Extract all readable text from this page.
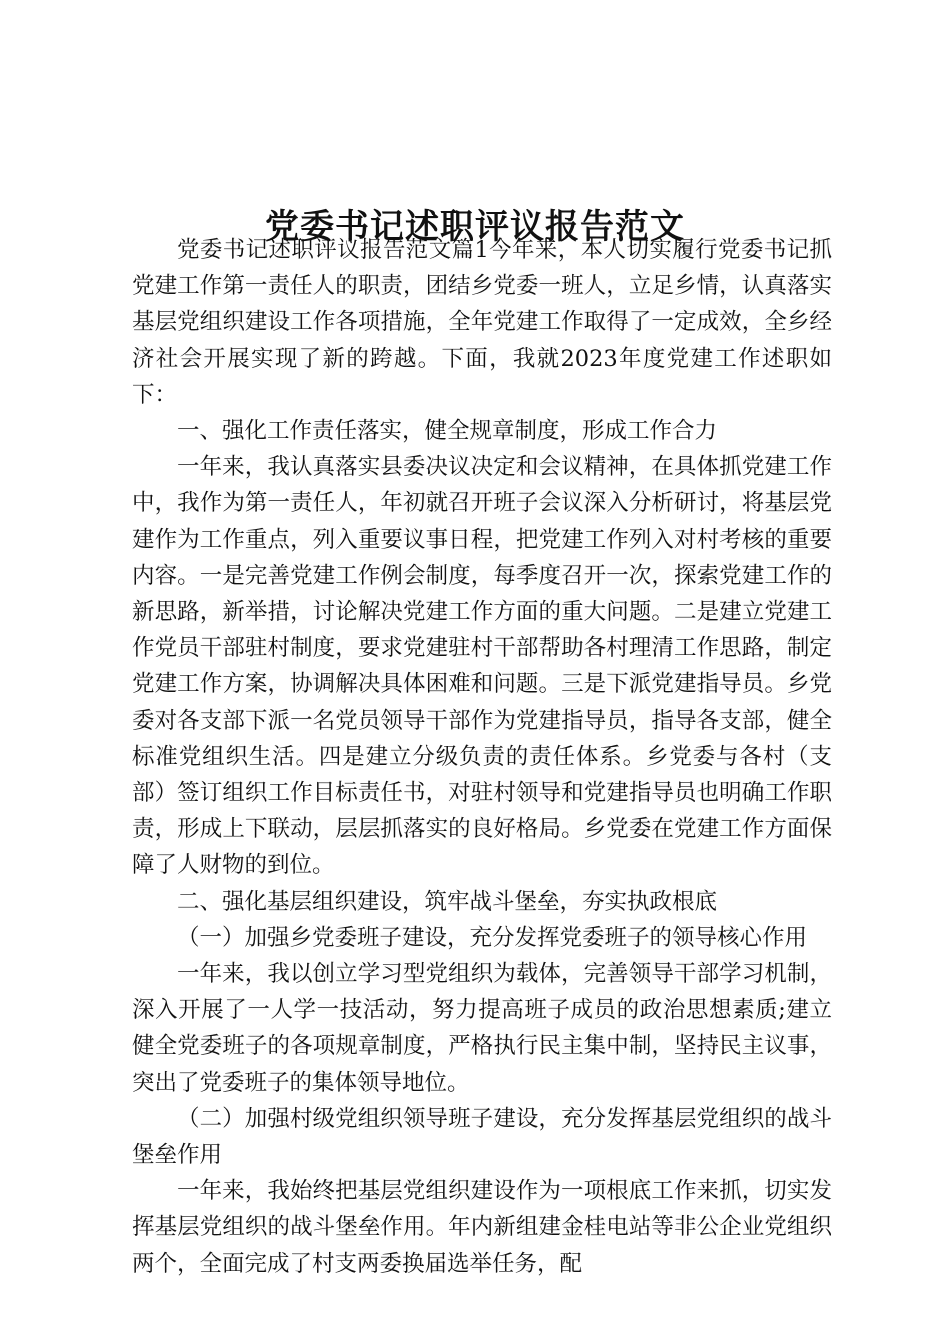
党委书记述职评议报告范文

党委书记述职评议报告范文篇1今年来，本人切实履行党委书记抓党建工作第一责任人的职责，团结乡党委一班人，立足乡情，认真落实基层党组织建设工作各项措施，全年党建工作取得了一定成效，全乡经济社会开展实现了新的跨越。下面，我就2023年度党建工作述职如下：

一、强化工作责任落实，健全规章制度，形成工作合力

一年来，我认真落实县委决议决定和会议精神，在具体抓党建工作中，我作为第一责任人，年初就召开班子会议深入分析研讨，将基层党建作为工作重点，列入重要议事日程，把党建工作列入对村考核的重要内容。一是完善党建工作例会制度，每季度召开一次，探索党建工作的新思路，新举措，讨论解决党建工作方面的重大问题。二是建立党建工作党员干部驻村制度，要求党建驻村干部帮助各村理清工作思路，制定党建工作方案，协调解决具体困难和问题。三是下派党建指导员。乡党委对各支部下派一名党员领导干部作为党建指导员，指导各支部，健全标准党组织生活。四是建立分级负责的责任体系。乡党委与各村（支部）签订组织工作目标责任书，对驻村领导和党建指导员也明确工作职责，形成上下联动，层层抓落实的良好格局。乡党委在党建工作方面保障了人财物的到位。

二、强化基层组织建设，筑牢战斗堡垒，夯实执政根底

（一）加强乡党委班子建设，充分发挥党委班子的领导核心作用

一年来，我以创立学习型党组织为载体，完善领导干部学习机制，深入开展了一人学一技活动，努力提高班子成员的政治思想素质;建立健全党委班子的各项规章制度，严格执行民主集中制，坚持民主议事，突出了党委班子的集体领导地位。

（二）加强村级党组织领导班子建设，充分发挥基层党组织的战斗堡垒作用

一年来，我始终把基层党组织建设作为一项根底工作来抓，切实发挥基层党组织的战斗堡垒作用。年内新组建金桂电站等非公企业党组织两个，全面完成了村支两委换届选举任务，配
